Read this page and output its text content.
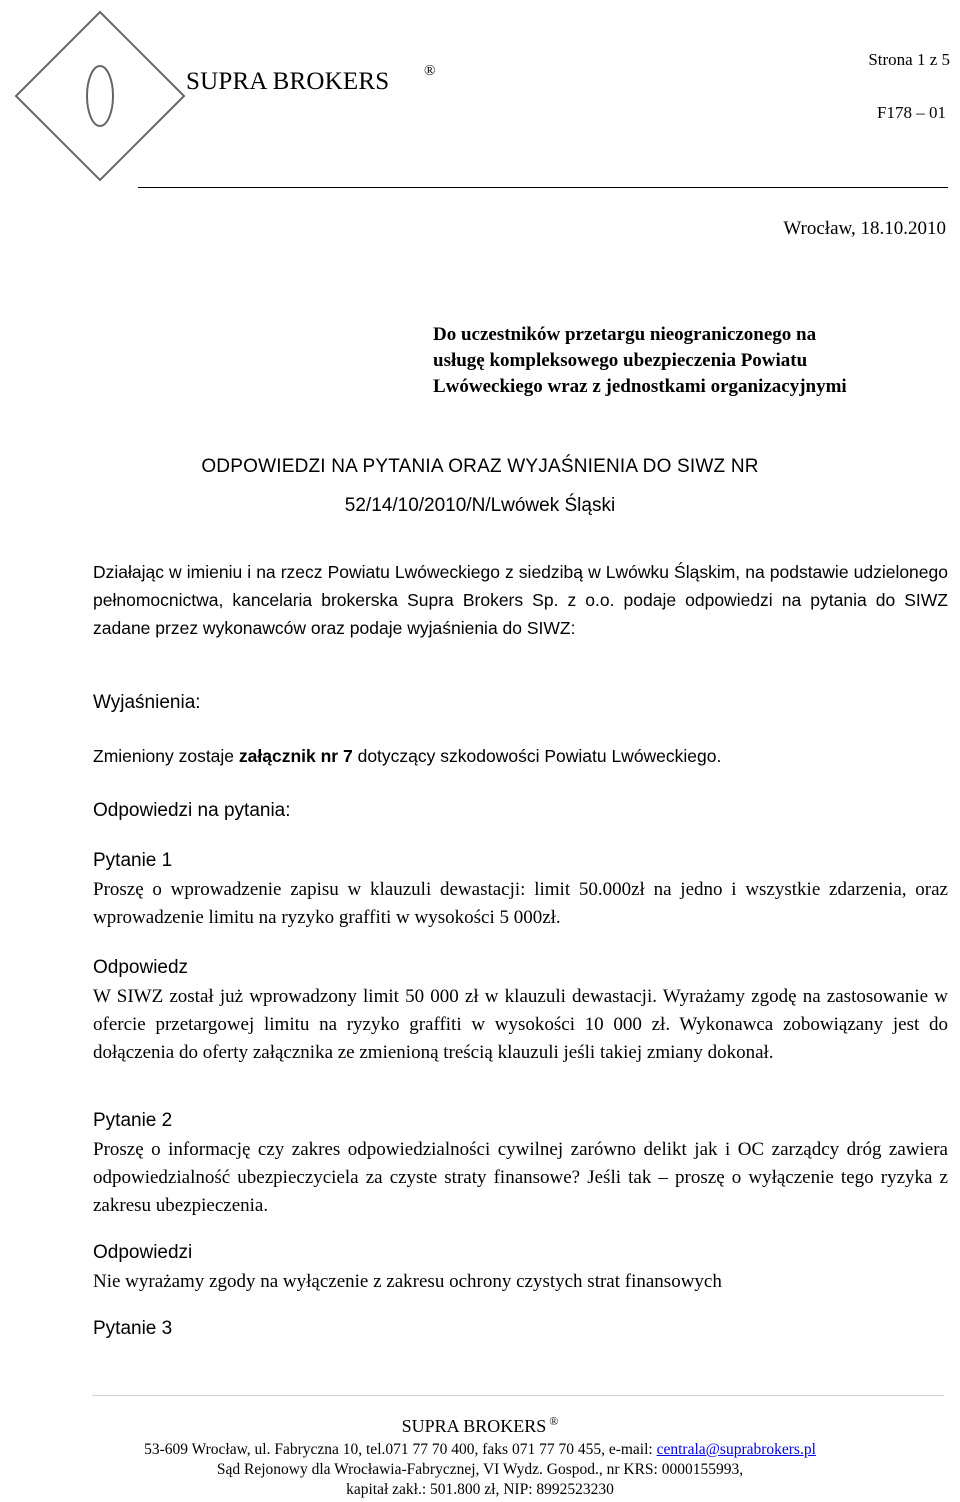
SUPRA BROKERS ®
Strona 1 z 5
F178 – 01
Wrocław, 18.10.2010
Do uczestników przetargu nieograniczonego na
usługę kompleksowego ubezpieczenia Powiatu
Lwóweckiego wraz z jednostkami organizacyjnymi
ODPOWIEDZI NA PYTANIA ORAZ WYJAŚNIENIA DO SIWZ NR
52/14/10/2010/N/Lwówek Śląski
Działając w imieniu i na rzecz Powiatu Lwóweckiego z siedzibą w Lwówku Śląskim, na podstawie udzielonego pełnomocnictwa, kancelaria brokerska Supra Brokers Sp. z o.o. podaje odpowiedzi na pytania do SIWZ zadane przez wykonawców oraz podaje wyjaśnienia do SIWZ:
Wyjaśnienia:
Zmieniony zostaje załącznik nr 7 dotyczący szkodowości Powiatu Lwóweckiego.
Odpowiedzi na pytania:
Pytanie 1
Proszę o wprowadzenie zapisu w klauzuli dewastacji: limit 50.000zł na jedno i wszystkie zdarzenia, oraz wprowadzenie limitu na ryzyko graffiti w wysokości 5 000zł.
Odpowiedz
W SIWZ został już wprowadzony limit 50 000 zł w klauzuli dewastacji. Wyrażamy zgodę na zastosowanie w ofercie przetargowej limitu na ryzyko graffiti w wysokości 10 000 zł. Wykonawca zobowiązany jest do dołączenia do oferty załącznika ze zmienioną treścią klauzuli jeśli takiej zmiany dokonał.
Pytanie 2
Proszę o informację czy zakres odpowiedzialności cywilnej zarówno delikt jak i OC zarządcy dróg zawiera odpowiedzialność ubezpieczyciela za czyste straty finansowe? Jeśli tak – proszę o wyłączenie tego ryzyka z zakresu ubezpieczenia.
Odpowiedzi
Nie wyrażamy zgody na wyłączenie z zakresu ochrony czystych strat finansowych
Pytanie 3
SUPRA BROKERS ®
53-609 Wrocław, ul. Fabryczna 10, tel.071 77 70 400, faks 071 77 70 455, e-mail: centrala@suprabrokers.pl
Sąd Rejonowy dla Wrocławia-Fabrycznej, VI Wydz. Gospod., nr KRS: 0000155993,
kapitał zakł.: 501.800 zł, NIP: 8992523230
